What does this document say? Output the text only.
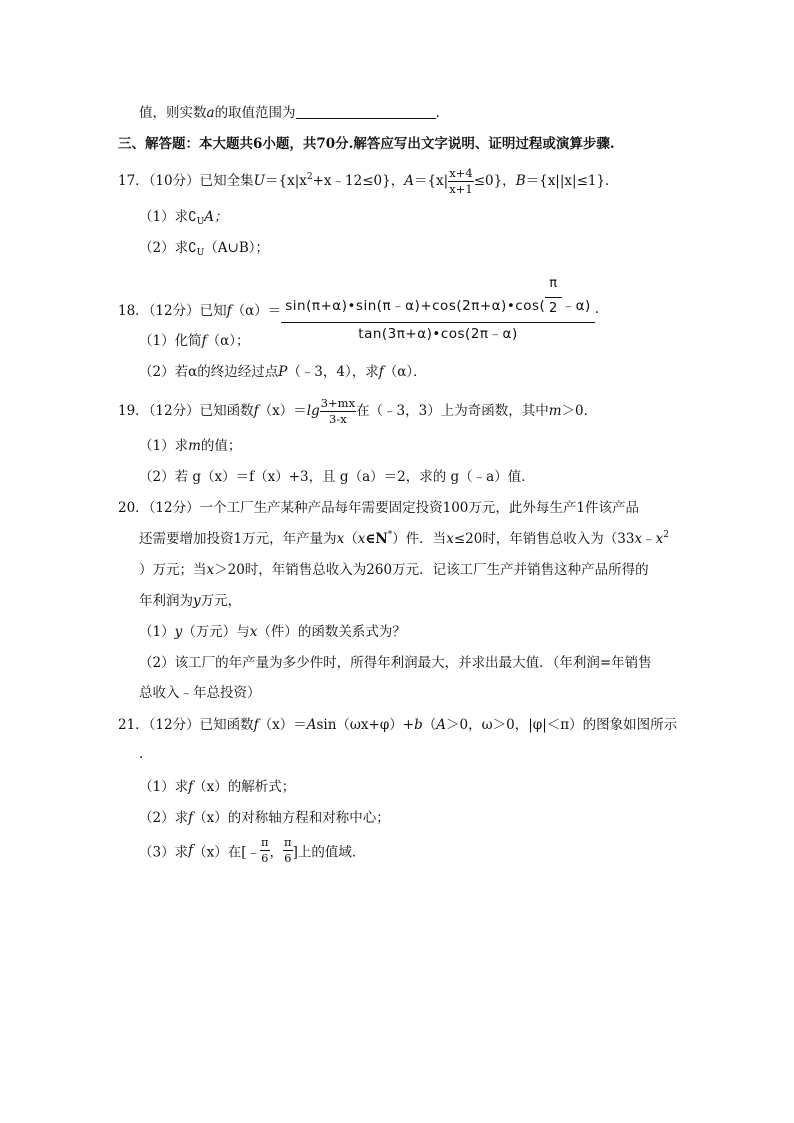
值，则实数a的取值范围为	.
三、解答题：本大题共6小题，共70分.解答应写出文字说明、证明过程或演算步骤.
17．（10分）已知全集$U=\{x|x^2+x﹣12\le 0\}$，$A=\{x| \frac{x+4}{x+1} \le 0\}$，B＝{x||x|≤1}．
（1）求$∁_UA$；
（2）求$∁_U(A\cup B)$；
18．（12分）已知$f(\alpha)= \frac{\sin(\pi+\alpha)•\sin(\pi﹣\alpha)+\cos(2\pi+\alpha)•\cos( \frac{\pi}{2} ﹣\alpha)}{\tan(3\pi+\alpha)•\cos(2\pi﹣\alpha)}$ .
（1）化简f（α）；
（2）若α的终边经过点P（﹣3，4），求f（α）．
19．（12分）已知函数$f(x)=\lg \frac{3+mx}{3-x}$ 在（﹣3，3）上为奇函数，其中m＞0．
（1）求m的值；
（2）若 g（x）＝f（x）+3，且 g（a）＝2，求的 g（﹣a）值．
20．（12分）一个工厂生产某种产品每年需要固定投资100万元，此外每生产1件该产品
还需要增加投资1万元，年产量为x（x∈N*）件．当x≤20时，年销售总收入为（$33x﹣x^2$
）万元；当x＞20时，年销售总收入为260万元．记该工厂生产并销售这种产品所得的
年利润为y万元，
（1）y（万元）与x（件）的函数关系式为？
（2）该工厂的年产量为多少件时，所得年利润最大，并求出最大值．（年利润=年销售
总收入﹣年总投资）
21．（12分）已知函数f（x）＝Asin（ωx+φ）+b（A＞0，ω＞0，|φ|＜π）的图象如图所示
.
（1）求f（x）的解析式；
（2）求f（x）的对称轴方程和对称中心；
（3）求f（x）在[﹣ $\frac{\pi}{6}$ ， $\frac{\pi}{6}$ ]上的值域．
